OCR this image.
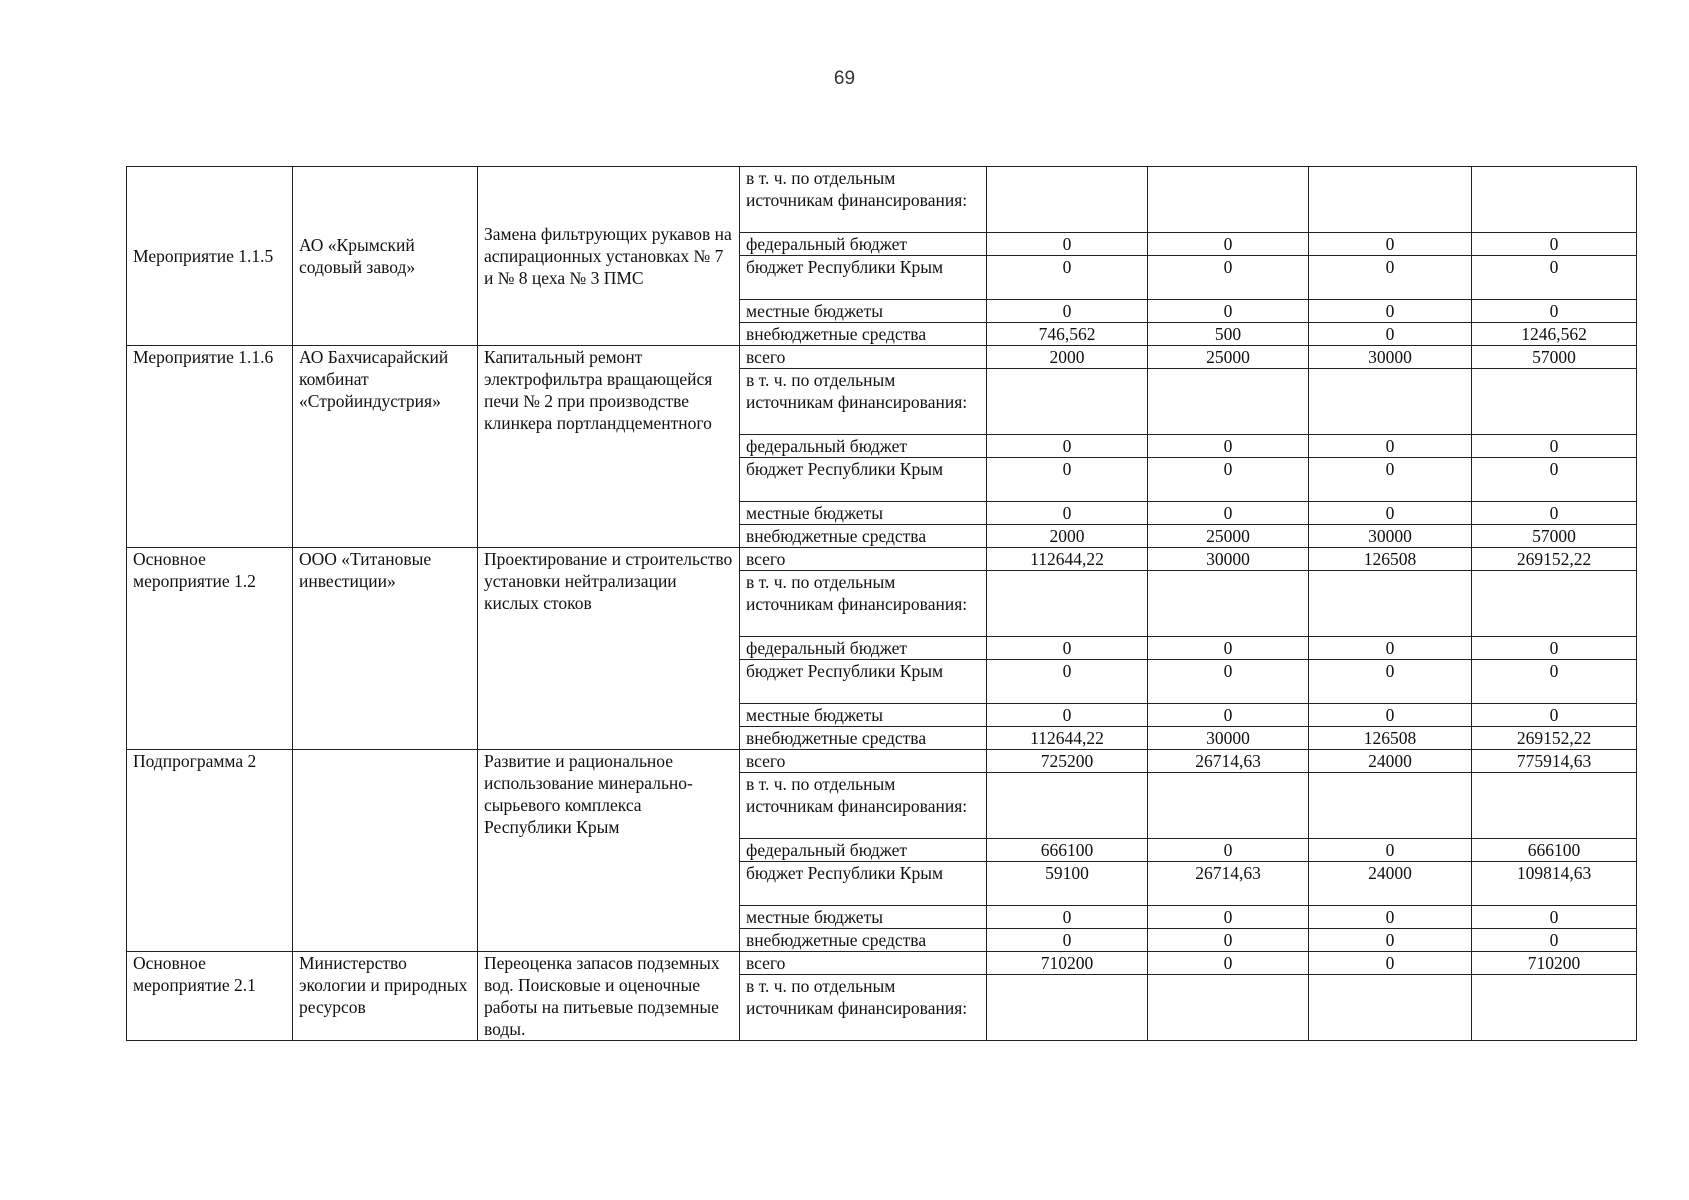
69
Мероприятие 1.1.5	АО «Крымский содовый завод»	Замена фильтрующих рукавов на аспирационных установках № 7 и № 8 цеха № 3 ПМС	в т. ч. по отдельным источникам финансирования:				
			федеральный бюджет	0	0	0	0
			бюджет Республики Крым	0	0	0	0
			местные бюджеты	0	0	0	0
			внебюджетные средства	746,562	500	0	1246,562
Мероприятие 1.1.6	АО Бахчисарайский комбинат «Стройиндустрия»	Капитальный ремонт электрофильтра вращающейся печи № 2 при производстве клинкера портландцементного	всего	2000	25000	30000	57000
			в т. ч. по отдельным источникам финансирования:				
			федеральный бюджет	0	0	0	0
			бюджет Республики Крым	0	0	0	0
			местные бюджеты	0	0	0	0
			внебюджетные средства	2000	25000	30000	57000
Основное мероприятие 1.2	ООО «Титановые инвестиции»	Проектирование и строительство установки нейтрализации кислых стоков	всего	112644,22	30000	126508	269152,22
			в т. ч. по отдельным источникам финансирования:				
			федеральный бюджет	0	0	0	0
			бюджет Республики Крым	0	0	0	0
			местные бюджеты	0	0	0	0
			внебюджетные средства	112644,22	30000	126508	269152,22
Подпрограмма 2		Развитие и рациональное использование минерально-сырьевого комплекса Республики Крым	всего	725200	26714,63	24000	775914,63
			в т. ч. по отдельным источникам финансирования:				
			федеральный бюджет	666100	0	0	666100
			бюджет Республики Крым	59100	26714,63	24000	109814,63
			местные бюджеты	0	0	0	0
			внебюджетные средства	0	0	0	0
Основное мероприятие 2.1	Министерство экологии и природных ресурсов	Переоценка запасов подземных вод. Поисковые и оценочные работы на питьевые подземные воды.	всего	710200	0	0	710200
			в т. ч. по отдельным источникам финансирования:				
